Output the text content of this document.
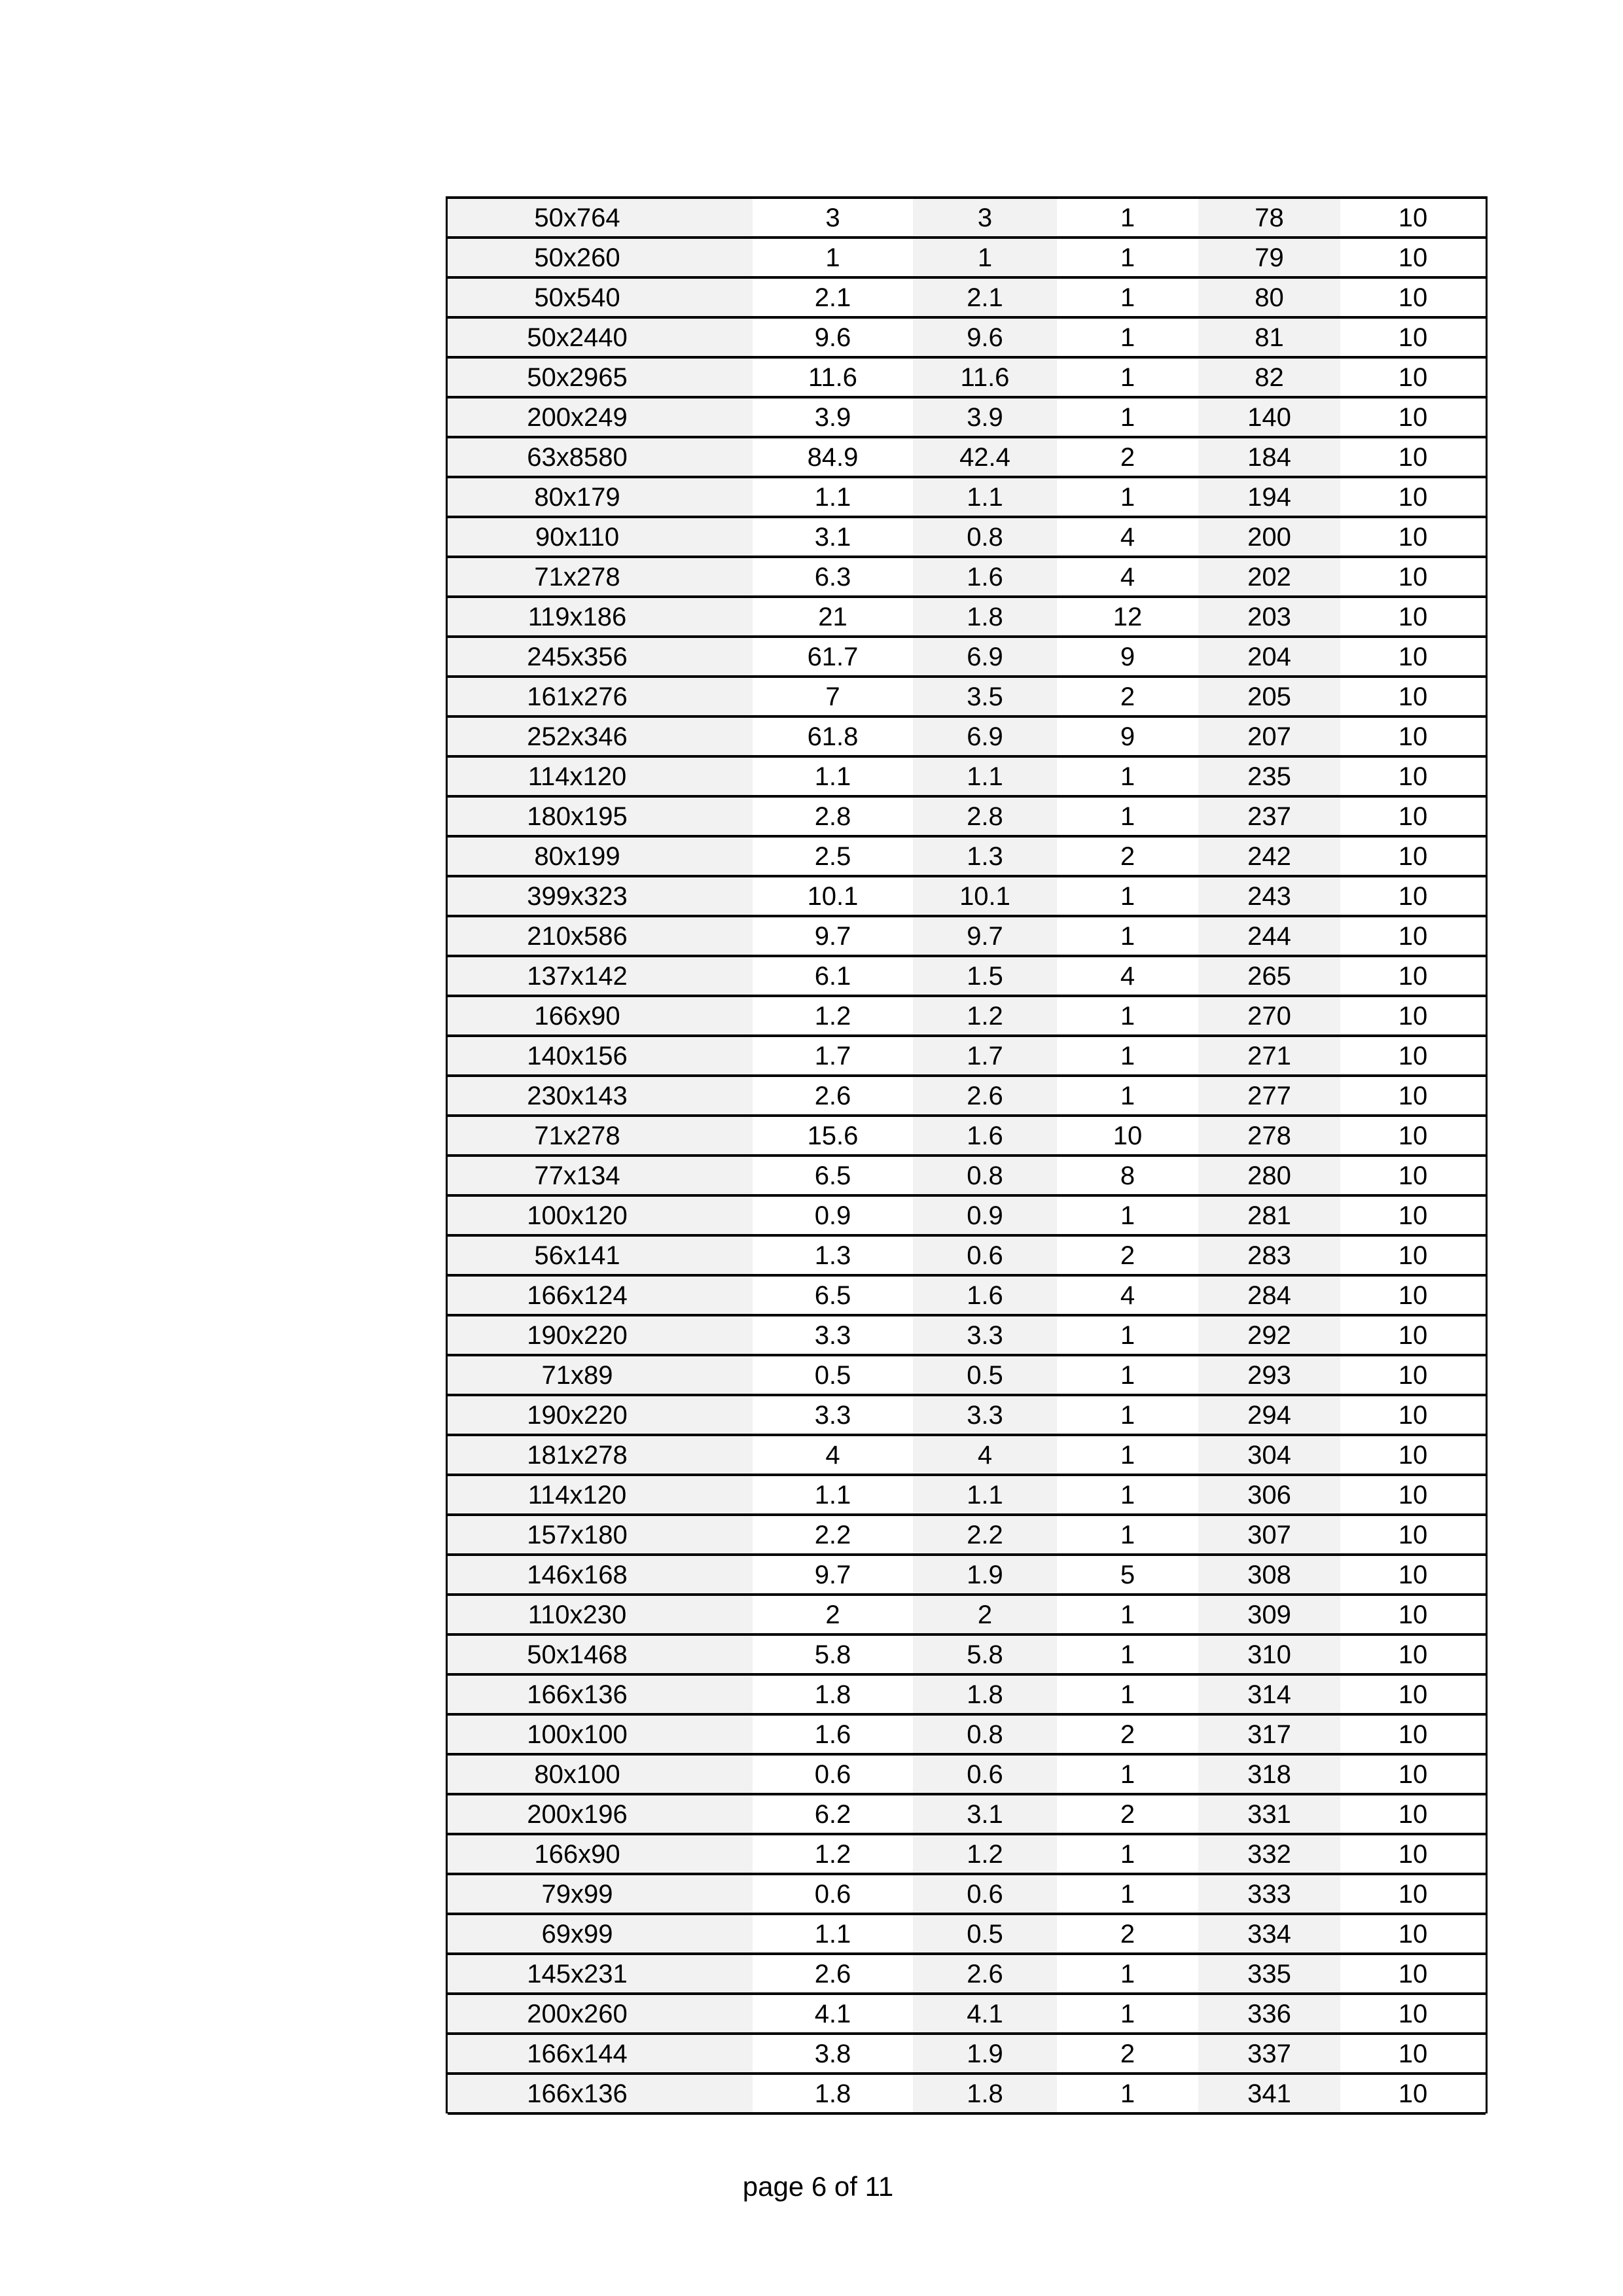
50x764	3	3	1	78	10
50x260	1	1	1	79	10
50x540	2.1	2.1	1	80	10
50x2440	9.6	9.6	1	81	10
50x2965	11.6	11.6	1	82	10
200x249	3.9	3.9	1	140	10
63x8580	84.9	42.4	2	184	10
80x179	1.1	1.1	1	194	10
90x110	3.1	0.8	4	200	10
71x278	6.3	1.6	4	202	10
119x186	21	1.8	12	203	10
245x356	61.7	6.9	9	204	10
161x276	7	3.5	2	205	10
252x346	61.8	6.9	9	207	10
114x120	1.1	1.1	1	235	10
180x195	2.8	2.8	1	237	10
80x199	2.5	1.3	2	242	10
399x323	10.1	10.1	1	243	10
210x586	9.7	9.7	1	244	10
137x142	6.1	1.5	4	265	10
166x90	1.2	1.2	1	270	10
140x156	1.7	1.7	1	271	10
230x143	2.6	2.6	1	277	10
71x278	15.6	1.6	10	278	10
77x134	6.5	0.8	8	280	10
100x120	0.9	0.9	1	281	10
56x141	1.3	0.6	2	283	10
166x124	6.5	1.6	4	284	10
190x220	3.3	3.3	1	292	10
71x89	0.5	0.5	1	293	10
190x220	3.3	3.3	1	294	10
181x278	4	4	1	304	10
114x120	1.1	1.1	1	306	10
157x180	2.2	2.2	1	307	10
146x168	9.7	1.9	5	308	10
110x230	2	2	1	309	10
50x1468	5.8	5.8	1	310	10
166x136	1.8	1.8	1	314	10
100x100	1.6	0.8	2	317	10
80x100	0.6	0.6	1	318	10
200x196	6.2	3.1	2	331	10
166x90	1.2	1.2	1	332	10
79x99	0.6	0.6	1	333	10
69x99	1.1	0.5	2	334	10
145x231	2.6	2.6	1	335	10
200x260	4.1	4.1	1	336	10
166x144	3.8	1.9	2	337	10
166x136	1.8	1.8	1	341	10
page 6 of 11
